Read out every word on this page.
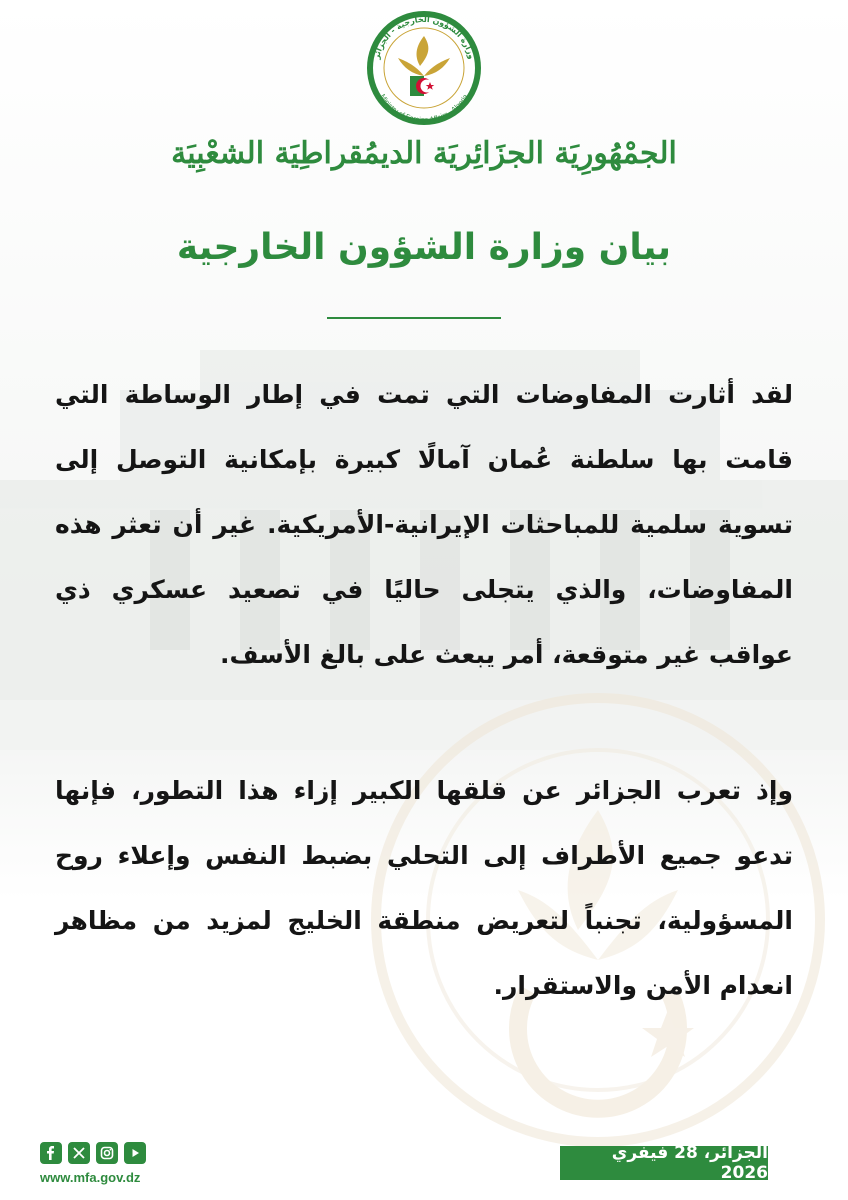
وزارة الشؤون الخارجية - الجزائر
Ministry of Foreign Affairs - Algeria
الجمْهُورِيَة الجزَائِريَة الديمُقراطِيَة الشعْبِيَة
بيان وزارة الشؤون الخارجية

لقد أثارت المفاوضات التي تمت في إطار الوساطة التي قامت بها سلطنة عُمان آمالًا كبيرة بإمكانية التوصل إلى تسوية سلمية للمباحثات الإيرانية-الأمريكية. غير أن تعثر هذه المفاوضات، والذي يتجلى حاليًا في تصعيد عسكري ذي عواقب غير متوقعة، أمر يبعث على بالغ الأسف.

وإذ تعرب الجزائر عن قلقها الكبير إزاء هذا التطور، فإنها تدعو جميع الأطراف إلى التحلي بضبط النفس وإعلاء روح المسؤولية، تجنباً لتعريض منطقة الخليج لمزيد من مظاهر انعدام الأمن والاستقرار.

www.mfa.gov.dz
الجزائر، 28 فيفري 2026
